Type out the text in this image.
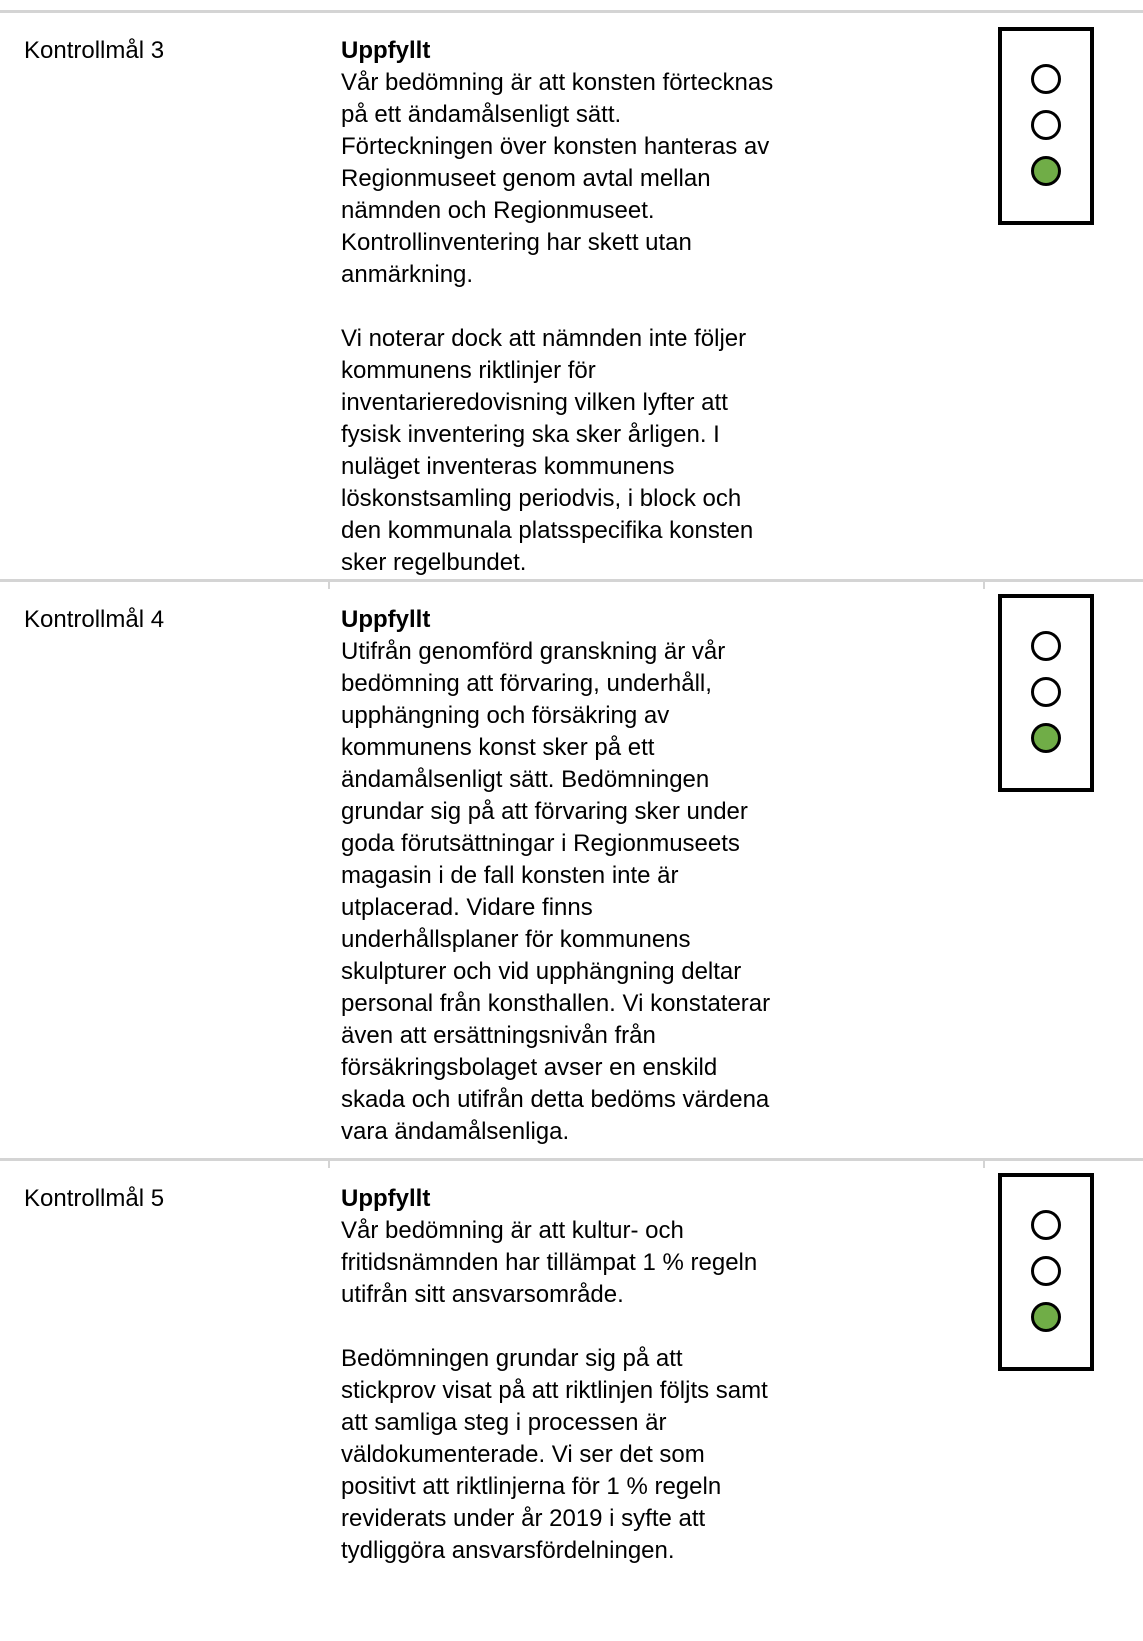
Kontrollmål 3	Uppfyllt
Vår bedömning är att konsten förtecknas
på ett ändamålsenligt sätt.
Förteckningen över konsten hanteras av
Regionmuseet genom avtal mellan
nämnden och Regionmuseet.
Kontrollinventering har skett utan
anmärkning.
Vi noterar dock att nämnden inte följer
kommunens riktlinjer för
inventarieredovisning vilken lyfter att
fysisk inventering ska sker årligen. I
nuläget inventeras kommunens
löskonstsamling periodvis, i block och
den kommunala platsspecifika konsten
sker regelbundet.
Kontrollmål 4	Uppfyllt
Utifrån genomförd granskning är vår
bedömning att förvaring, underhåll,
upphängning och försäkring av
kommunens konst sker på ett
ändamålsenligt sätt. Bedömningen
grundar sig på att förvaring sker under
goda förutsättningar i Regionmuseets
magasin i de fall konsten inte är
utplacerad. Vidare finns
underhållsplaner för kommunens
skulpturer och vid upphängning deltar
personal från konsthallen. Vi konstaterar
även att ersättningsnivån från
försäkringsbolaget avser en enskild
skada och utifrån detta bedöms värdena
vara ändamålsenliga.
Kontrollmål 5	Uppfyllt
Vår bedömning är att kultur- och
fritidsnämnden har tillämpat 1 % regeln
utifrån sitt ansvarsområde.
Bedömningen grundar sig på att
stickprov visat på att riktlinjen följts samt
att samliga steg i processen är
väldokumenterade. Vi ser det som
positivt att riktlinjerna för 1 % regeln
reviderats under år 2019 i syfte att
tydliggöra ansvarsfördelningen.
